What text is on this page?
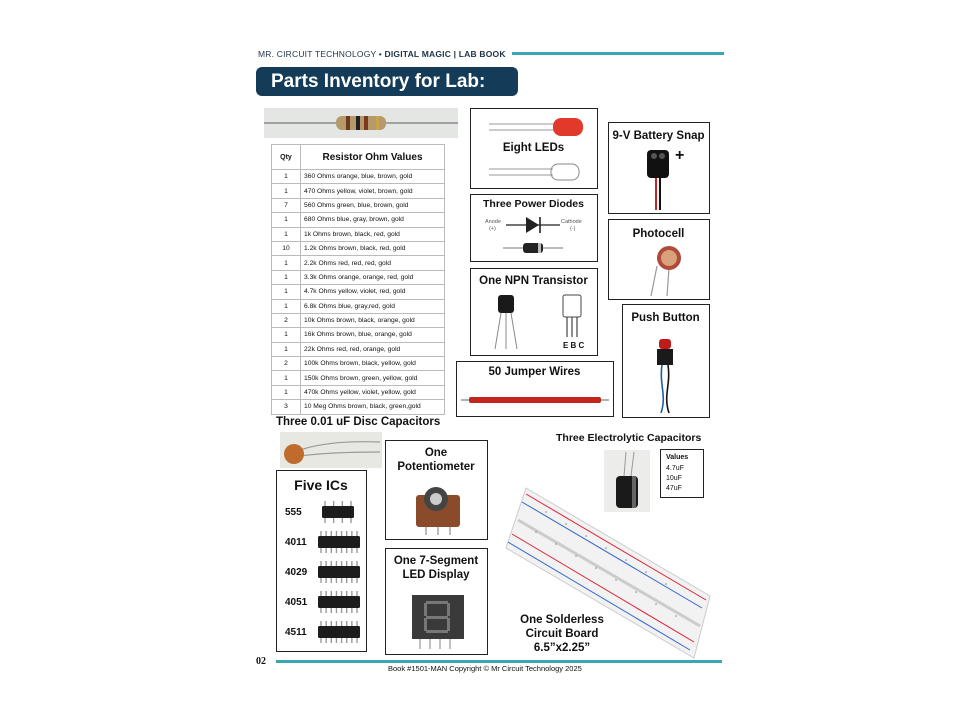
MR. CIRCUIT TECHNOLOGY • DIGITAL MAGIC | LAB BOOK
Parts Inventory for Lab:
Qty	Resistor Ohm Values
1	360 Ohms orange, blue, brown, gold
1	470 Ohms yellow, violet, brown, gold
7	560 Ohms green, blue, brown, gold
1	680 Ohms blue, gray, brown, gold
1	1k Ohms brown, black, red, gold
10	1.2k Ohms brown, black, red, gold
1	2.2k Ohms red, red, red, gold
1	3.3k Ohms orange, orange, red, gold
1	4.7k Ohms yellow, violet, red, gold
1	6.8k Ohms blue, gray,red, gold
2	10k Ohms brown, black, orange, gold
1	16k Ohms brown, blue, orange, gold
1	22k Ohms red, red, orange, gold
2	100k Ohms brown, black, yellow, gold
1	150k Ohms brown, green, yellow, gold
1	470k Ohms yellow, violet, yellow, gold
3	10 Meg Ohms brown, black, green,gold
Eight LEDs
9-V Battery Snap
+
Three Power Diodes
Anode
(+)
Cathode
(-)	Photocell
One NPN Transistor
E B C
Push Button
50 Jumper Wires
Three 0.01 uF Disc Capacitors
Five ICs
555
4011
4029
4051
4511
One
Potentiometer
One 7-Segment
LED Display
Three Electrolytic Capacitors
Values
4.7uF
10uF
47uF
One Solderless
Circuit Board
6.5”x2.25”
02
Book #1501-MAN Copyright © Mr Circuit Technology 2025
